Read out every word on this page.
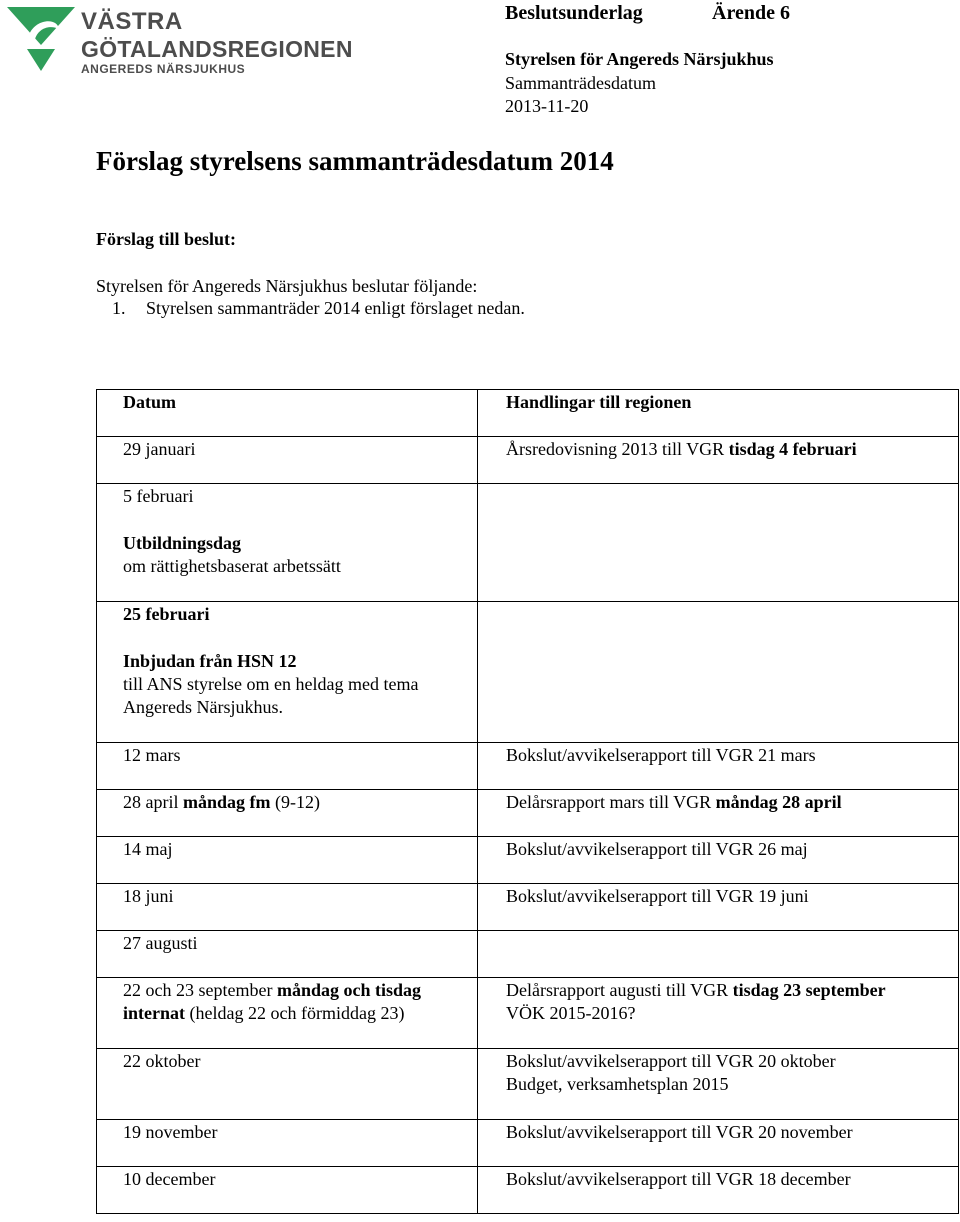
VÄSTRA
GÖTALANDSREGIONEN
ANGEREDS NÄRSJUKHUS
Beslutsunderlag	Ärende 6
Styrelsen för Angereds Närsjukhus
Sammanträdesdatum
2013-11-20
Förslag styrelsens sammanträdesdatum 2014
Förslag till beslut:
Styrelsen för Angereds Närsjukhus beslutar följande:
1. Styrelsen sammanträder 2014 enligt förslaget nedan.
Datum	Handlingar till regionen
29 januari	Årsredovisning 2013 till VGR tisdag 4 februari

5 februari
Utbildningsdag
om rättighetsbaserat arbetssätt	

25 februari
Inbjudan från HSN 12
till ANS styrelse om en heldag med tema Angereds Närsjukhus.	

12 mars	Bokslut/avvikelserapport till VGR 21 mars
28 april måndag fm (9-12)	Delårsrapport mars till VGR måndag 28 april
14 maj	Bokslut/avvikelserapport till VGR 26 maj
18 juni	Bokslut/avvikelserapport till VGR 19 juni
27 augusti	
22 och 23 september måndag och tisdag internat (heldag 22 och förmiddag 23)	Delårsrapport augusti till VGR tisdag 23 september
VÖK 2015-2016?

22 oktober	Bokslut/avvikelserapport till VGR 20 oktober
Budget, verksamhetsplan 2015

19 november	Bokslut/avvikelserapport till VGR 20 november
10 december	Bokslut/avvikelserapport till VGR 18 december
